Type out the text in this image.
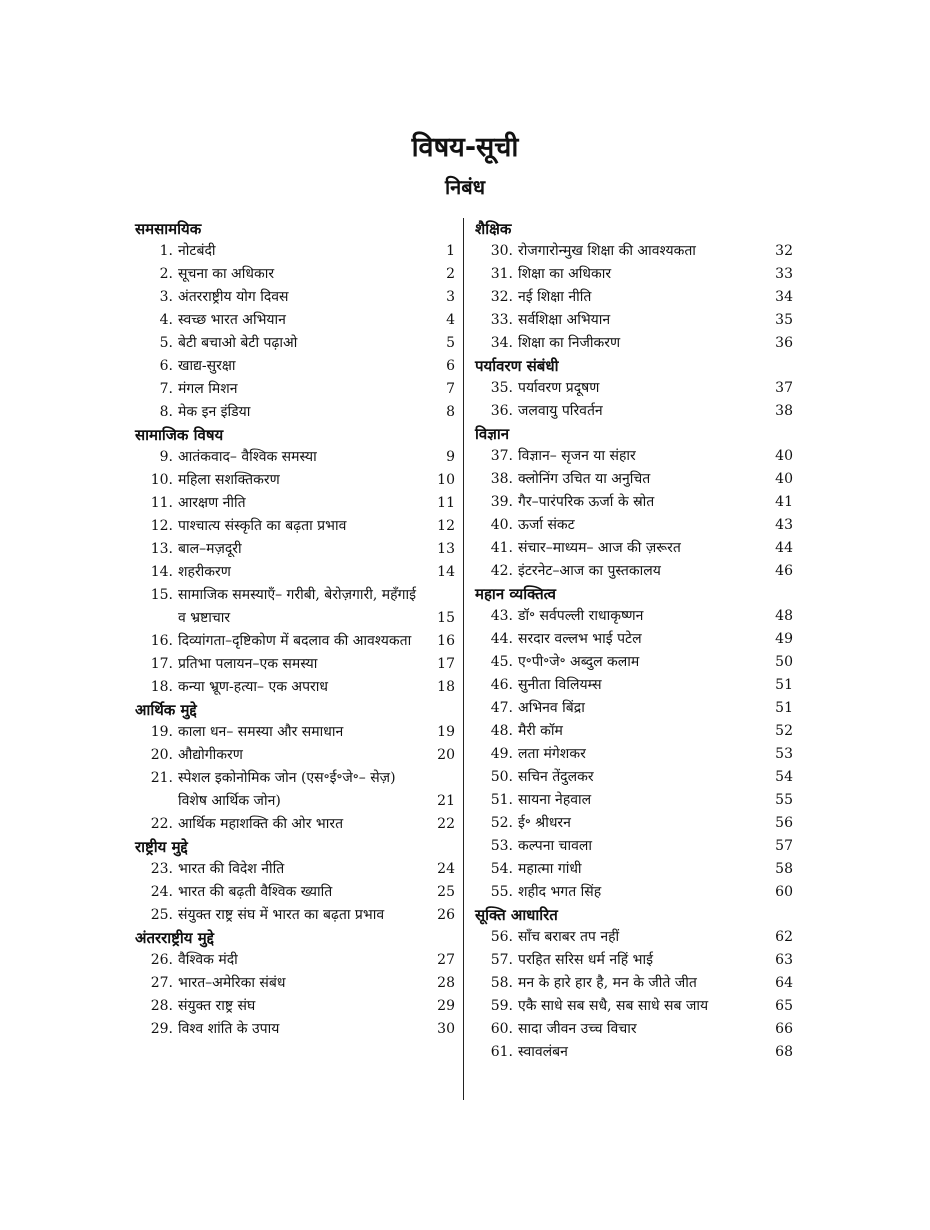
विषय-सूची
निबंध
समसामयिक
1. नोटबंदी	1
2. सूचना का अधिकार	2
3. अंतरराष्ट्रीय योग दिवस	3
4. स्वच्छ भारत अभियान	4
5. बेटी बचाओ बेटी पढ़ाओ	5
6. खाद्य-सुरक्षा	6
7. मंगल मिशन	7
8. मेक इन इंडिया	8
सामाजिक विषय
9. आतंकवाद– वैश्विक समस्या	9
10. महिला सशक्तिकरण	10
11. आरक्षण नीति	11
12. पाश्चात्य संस्कृति का बढ़ता प्रभाव	12
13. बाल–मज़दूरी	13
14. शहरीकरण	14
15. सामाजिक समस्याएँ– गरीबी, बेरोज़गारी, महँगाई व भ्रष्टाचार	15
16. दिव्यांगता–दृष्टिकोण में बदलाव की आवश्यकता	16
17. प्रतिभा पलायन–एक समस्या	17
18. कन्या भ्रूण-हत्या– एक अपराध	18
आर्थिक मुद्दे
19. काला धन– समस्या और समाधान	19
20. औद्योगीकरण	20
21. स्पेशल इकोनोमिक जोन (एस॰ई॰जे॰– सेज़) विशेष आर्थिक जोन)	21
22. आर्थिक महाशक्ति की ओर भारत	22
राष्ट्रीय मुद्दे
23. भारत की विदेश नीति	24
24. भारत की बढ़ती वैश्विक ख्याति	25
25. संयुक्त राष्ट्र संघ में भारत का बढ़ता प्रभाव	26
अंतरराष्ट्रीय मुद्दे
26. वैश्विक मंदी	27
27. भारत–अमेरिका संबंध	28
28. संयुक्त राष्ट्र संघ	29
29. विश्व शांति के उपाय	30
शैक्षिक
30. रोजगारोन्मुख शिक्षा की आवश्यकता	32
31. शिक्षा का अधिकार	33
32. नई शिक्षा नीति	34
33. सर्वशिक्षा अभियान	35
34. शिक्षा का निजीकरण	36
पर्यावरण संबंधी
35. पर्यावरण प्रदूषण	37
36. जलवायु परिवर्तन	38
विज्ञान
37. विज्ञान– सृजन या संहार	40
38. क्लोनिंग उचित या अनुचित	40
39. गैर–पारंपरिक ऊर्जा के स्रोत	41
40. ऊर्जा संकट	43
41. संचार–माध्यम– आज की ज़रूरत	44
42. इंटरनेट–आज का पुस्तकालय	46
महान व्यक्तित्व
43. डॉ॰ सर्वपल्ली राधाकृष्णन	48
44. सरदार वल्लभ भाई पटेल	49
45. ए॰पी॰जे॰ अब्दुल कलाम	50
46. सुनीता विलियम्स	51
47. अभिनव बिंद्रा	51
48. मैरी कॉम	52
49. लता मंगेशकर	53
50. सचिन तेंदुलकर	54
51. सायना नेहवाल	55
52. ई॰ श्रीधरन	56
53. कल्पना चावला	57
54. महात्मा गांधी	58
55. शहीद भगत सिंह	60
सूक्ति आधारित
56. साँच बराबर तप नहीं	62
57. परहित सरिस धर्म नहिं भाई	63
58. मन के हारे हार है, मन के जीते जीत	64
59. एकै साधे सब सधै, सब साधे सब जाय	65
60. सादा जीवन उच्च विचार	66
61. स्वावलंबन	68
